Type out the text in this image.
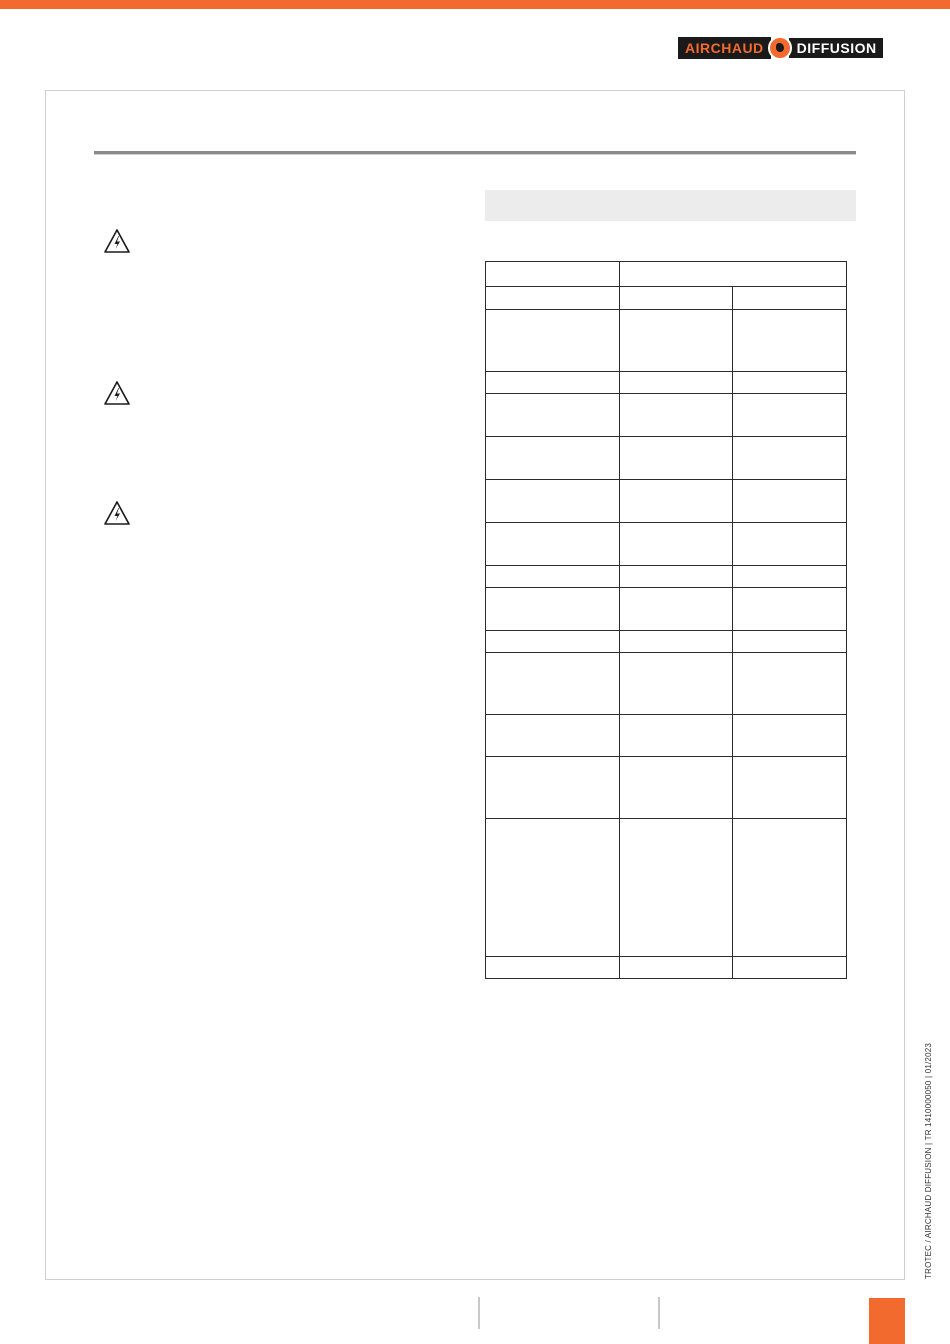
AIRCHAUD	DIFFUSION

TROTEC / AIRCHAUD DIFFUSION | TR 1410000050 | 01/2023
